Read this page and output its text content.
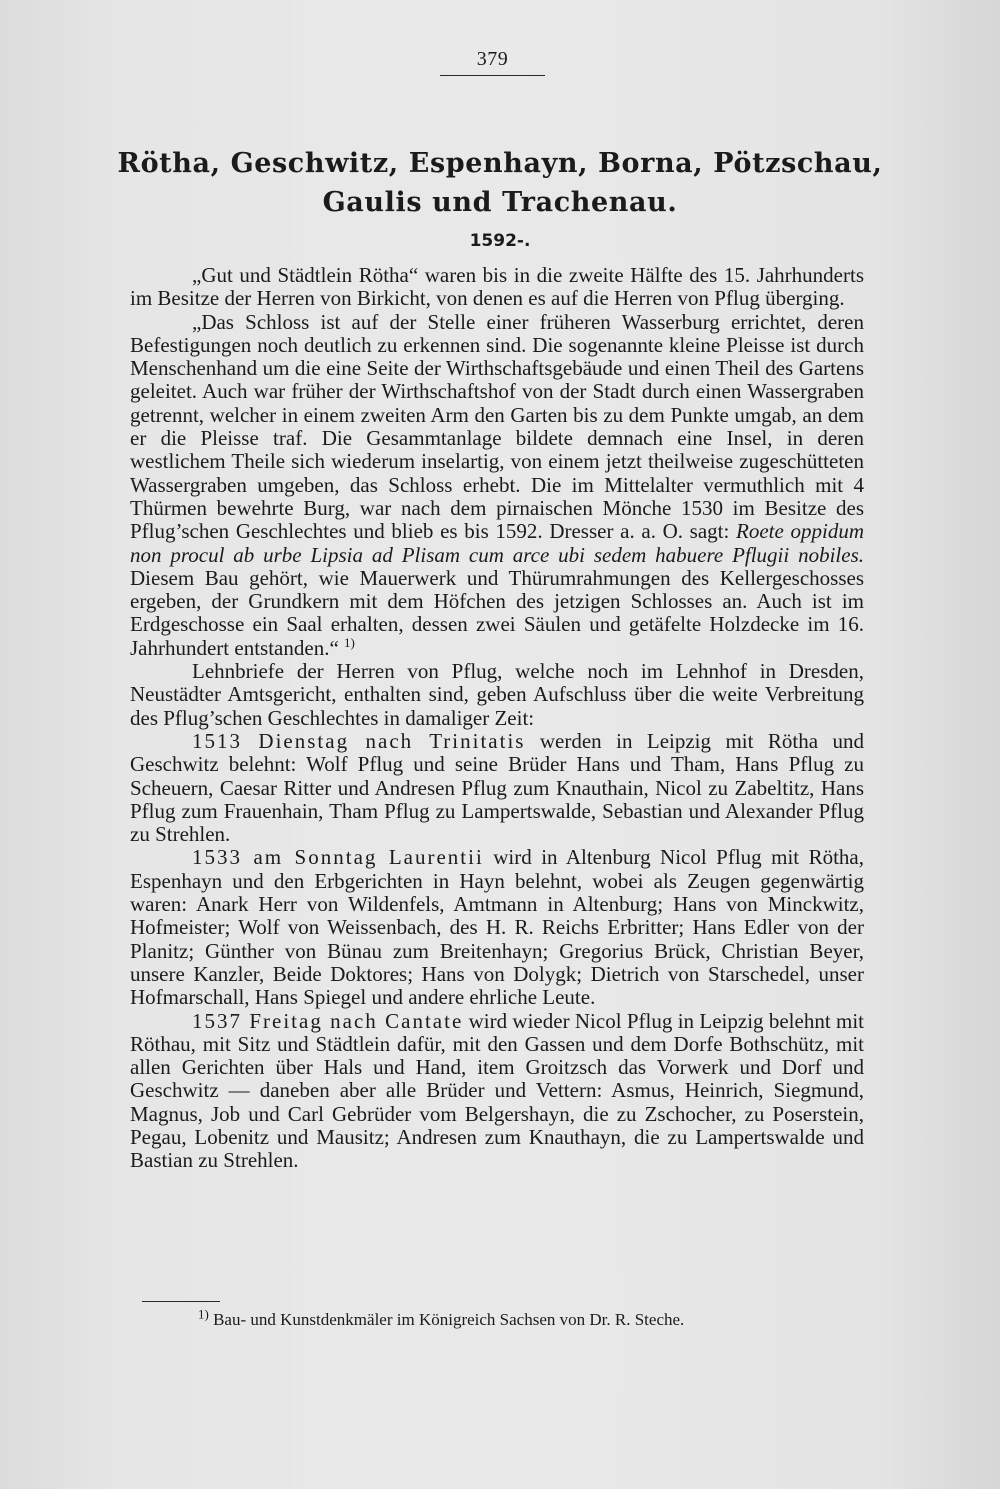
379
Rötha, Geschwitz, Espenhayn, Borna, Pötzschau,
Gaulis und Trachenau.
1592-.

„Gut und Städtlein Rötha“ waren bis in die zweite Hälfte des 15. Jahrhunderts im Besitze der Herren von Birkicht, von denen es auf die Herren von Pflug überging.

„Das Schloss ist auf der Stelle einer früheren Wasserburg errichtet, deren Befestigungen noch deutlich zu erkennen sind. Die sogenannte kleine Pleisse ist durch Menschenhand um die eine Seite der Wirthschaftsgebäude und einen Theil des Gartens geleitet. Auch war früher der Wirthschaftshof von der Stadt durch einen Wassergraben getrennt, welcher in einem zweiten Arm den Garten bis zu dem Punkte umgab, an dem er die Pleisse traf. Die Gesammtanlage bildete demnach eine Insel, in deren westlichem Theile sich wiederum inselartig, von einem jetzt theilweise zugeschütteten Wassergraben umgeben, das Schloss erhebt. Die im Mittelalter vermuthlich mit 4 Thürmen bewehrte Burg, war nach dem pirnaischen Mönche 1530 im Besitze des Pflug’schen Geschlechtes und blieb es bis 1592. Dresser a. a. O. sagt: Roete oppidum non procul ab urbe Lipsia ad Plisam cum arce ubi sedem habuere Pflugii nobiles. Diesem Bau gehört, wie Mauerwerk und Thürumrahmungen des Kellergeschosses ergeben, der Grundkern mit dem Höfchen des jetzigen Schlosses an. Auch ist im Erdgeschosse ein Saal erhalten, dessen zwei Säulen und getäfelte Holzdecke im 16. Jahrhundert entstanden.“ $^{1)}$

Lehnbriefe der Herren von Pflug, welche noch im Lehnhof in Dresden, Neustädter Amtsgericht, enthalten sind, geben Aufschluss über die weite Verbreitung des Pflug’schen Geschlechtes in damaliger Zeit:

1513 Dienstag nach Trinitatis werden in Leipzig mit Rötha und Geschwitz belehnt: Wolf Pflug und seine Brüder Hans und Tham, Hans Pflug zu Scheuern, Caesar Ritter und Andresen Pflug zum Knauthain, Nicol zu Zabeltitz, Hans Pflug zum Frauenhain, Tham Pflug zu Lampertswalde, Sebastian und Alexander Pflug zu Strehlen.

1533 am Sonntag Laurentii wird in Altenburg Nicol Pflug mit Rötha, Espenhayn und den Erbgerichten in Hayn belehnt, wobei als Zeugen gegenwärtig waren: Anark Herr von Wildenfels, Amtmann in Altenburg; Hans von Minckwitz, Hofmeister; Wolf von Weissenbach, des H. R. Reichs Erbritter; Hans Edler von der Planitz; Günther von Bünau zum Breitenhayn; Gregorius Brück, Christian Beyer, unsere Kanzler, Beide Doktores; Hans von Dolygk; Dietrich von Starschedel, unser Hofmarschall, Hans Spiegel und andere ehrliche Leute.

1537 Freitag nach Cantate wird wieder Nicol Pflug in Leipzig belehnt mit Röthau, mit Sitz und Städtlein dafür, mit den Gassen und dem Dorfe Bothschütz, mit allen Gerichten über Hals und Hand, item Groitzsch das Vorwerk und Dorf und Geschwitz — daneben aber alle Brüder und Vettern: Asmus, Heinrich, Siegmund, Magnus, Job und Carl Gebrüder vom Belgershayn, die zu Zschocher, zu Poserstein, Pegau, Lobenitz und Mausitz; Andresen zum Knauthayn, die zu Lampertswalde und Bastian zu Strehlen.

$^{1)}$ Bau- und Kunstdenkmäler im Königreich Sachsen von Dr. R. Steche.
